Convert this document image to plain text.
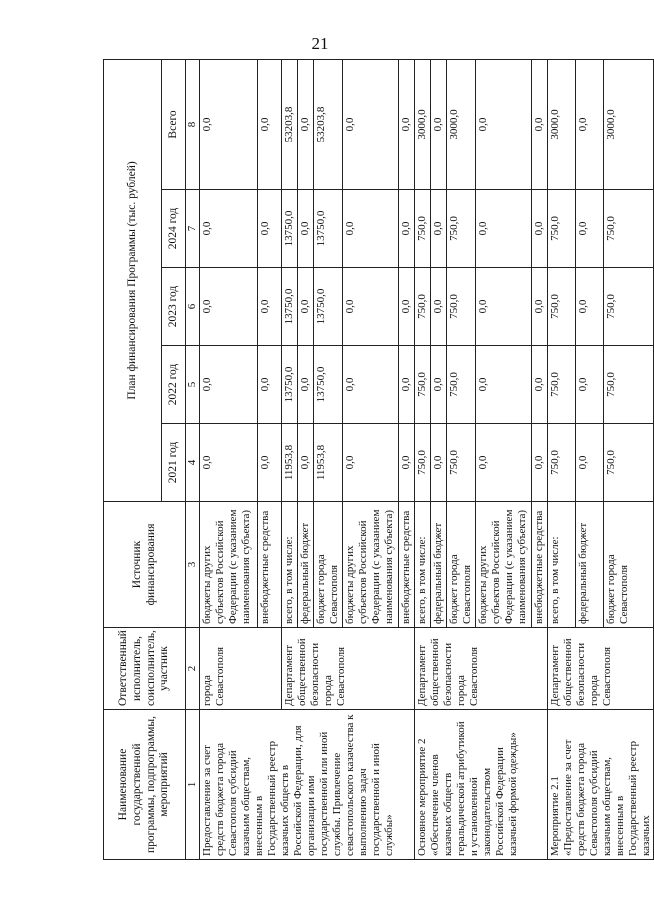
21
Наименование государственной программы, подпрограммы, мероприятий	Ответственный исполнитель, соисполнитель, участник	Источник финансирования	План финансирования Программы (тыс. рублей)				
			2021 год	2022 год	2023 год	2024 год	Всего
1	2	3	4	5	6	7	8
Предоставление за счет средств бюджета города Севастополя субсидий казачьим обществам, внесенным в Государственный реестр казачьих обществ в Российской Федерации, для организации ими государственной или иной службы. Привлечение севастопольского казачества к выполнению задач государственной и иной службы»	города Севастополя	бюджеты других субъектов Российской Федерации (с указанием наименования субъекта)	0,0	0,0	0,0	0,0	0,0
		внебюджетные средства	0,0	0,0	0,0	0,0	0,0
	Департамент общественной безопасности города Севастополя	всего, в том числе:	11953,8	13750,0	13750,0	13750,0	53203,8
		федеральный бюджет	0,0	0,0	0,0	0,0	0,0
		бюджет города Севастополя	11953,8	13750,0	13750,0	13750,0	53203,8
		бюджеты других субъектов Российской Федерации (с указанием наименования субъекта)	0,0	0,0	0,0	0,0	0,0
		внебюджетные средства	0,0	0,0	0,0	0,0	0,0
Основное мероприятие 2 «Обеспечение членов казачьих обществ геральдической атрибутикой и установленной законодательством Российской Федерации казачьей формой одежды»	Департамент общественной безопасности города Севастополя	всего, в том числе:	750,0	750,0	750,0	750,0	3000,0
		федеральный бюджет	0,0	0,0	0,0	0,0	0,0
		бюджет города Севастополя	750,0	750,0	750,0	750,0	3000,0
		бюджеты других субъектов Российской Федерации (с указанием наименования субъекта)	0,0	0,0	0,0	0,0	0,0
		внебюджетные средства	0,0	0,0	0,0	0,0	0,0
Мероприятие 2.1 «Предоставление за счет средств бюджета города Севастополя субсидий казачьим обществам, внесенным в Государственный реестр казачьих	Департамент общественной безопасности города Севастополя	всего, в том числе:	750,0	750,0	750,0	750,0	3000,0
		федеральный бюджет	0,0	0,0	0,0	0,0	0,0
		бюджет города Севастополя	750,0	750,0	750,0	750,0	3000,0
